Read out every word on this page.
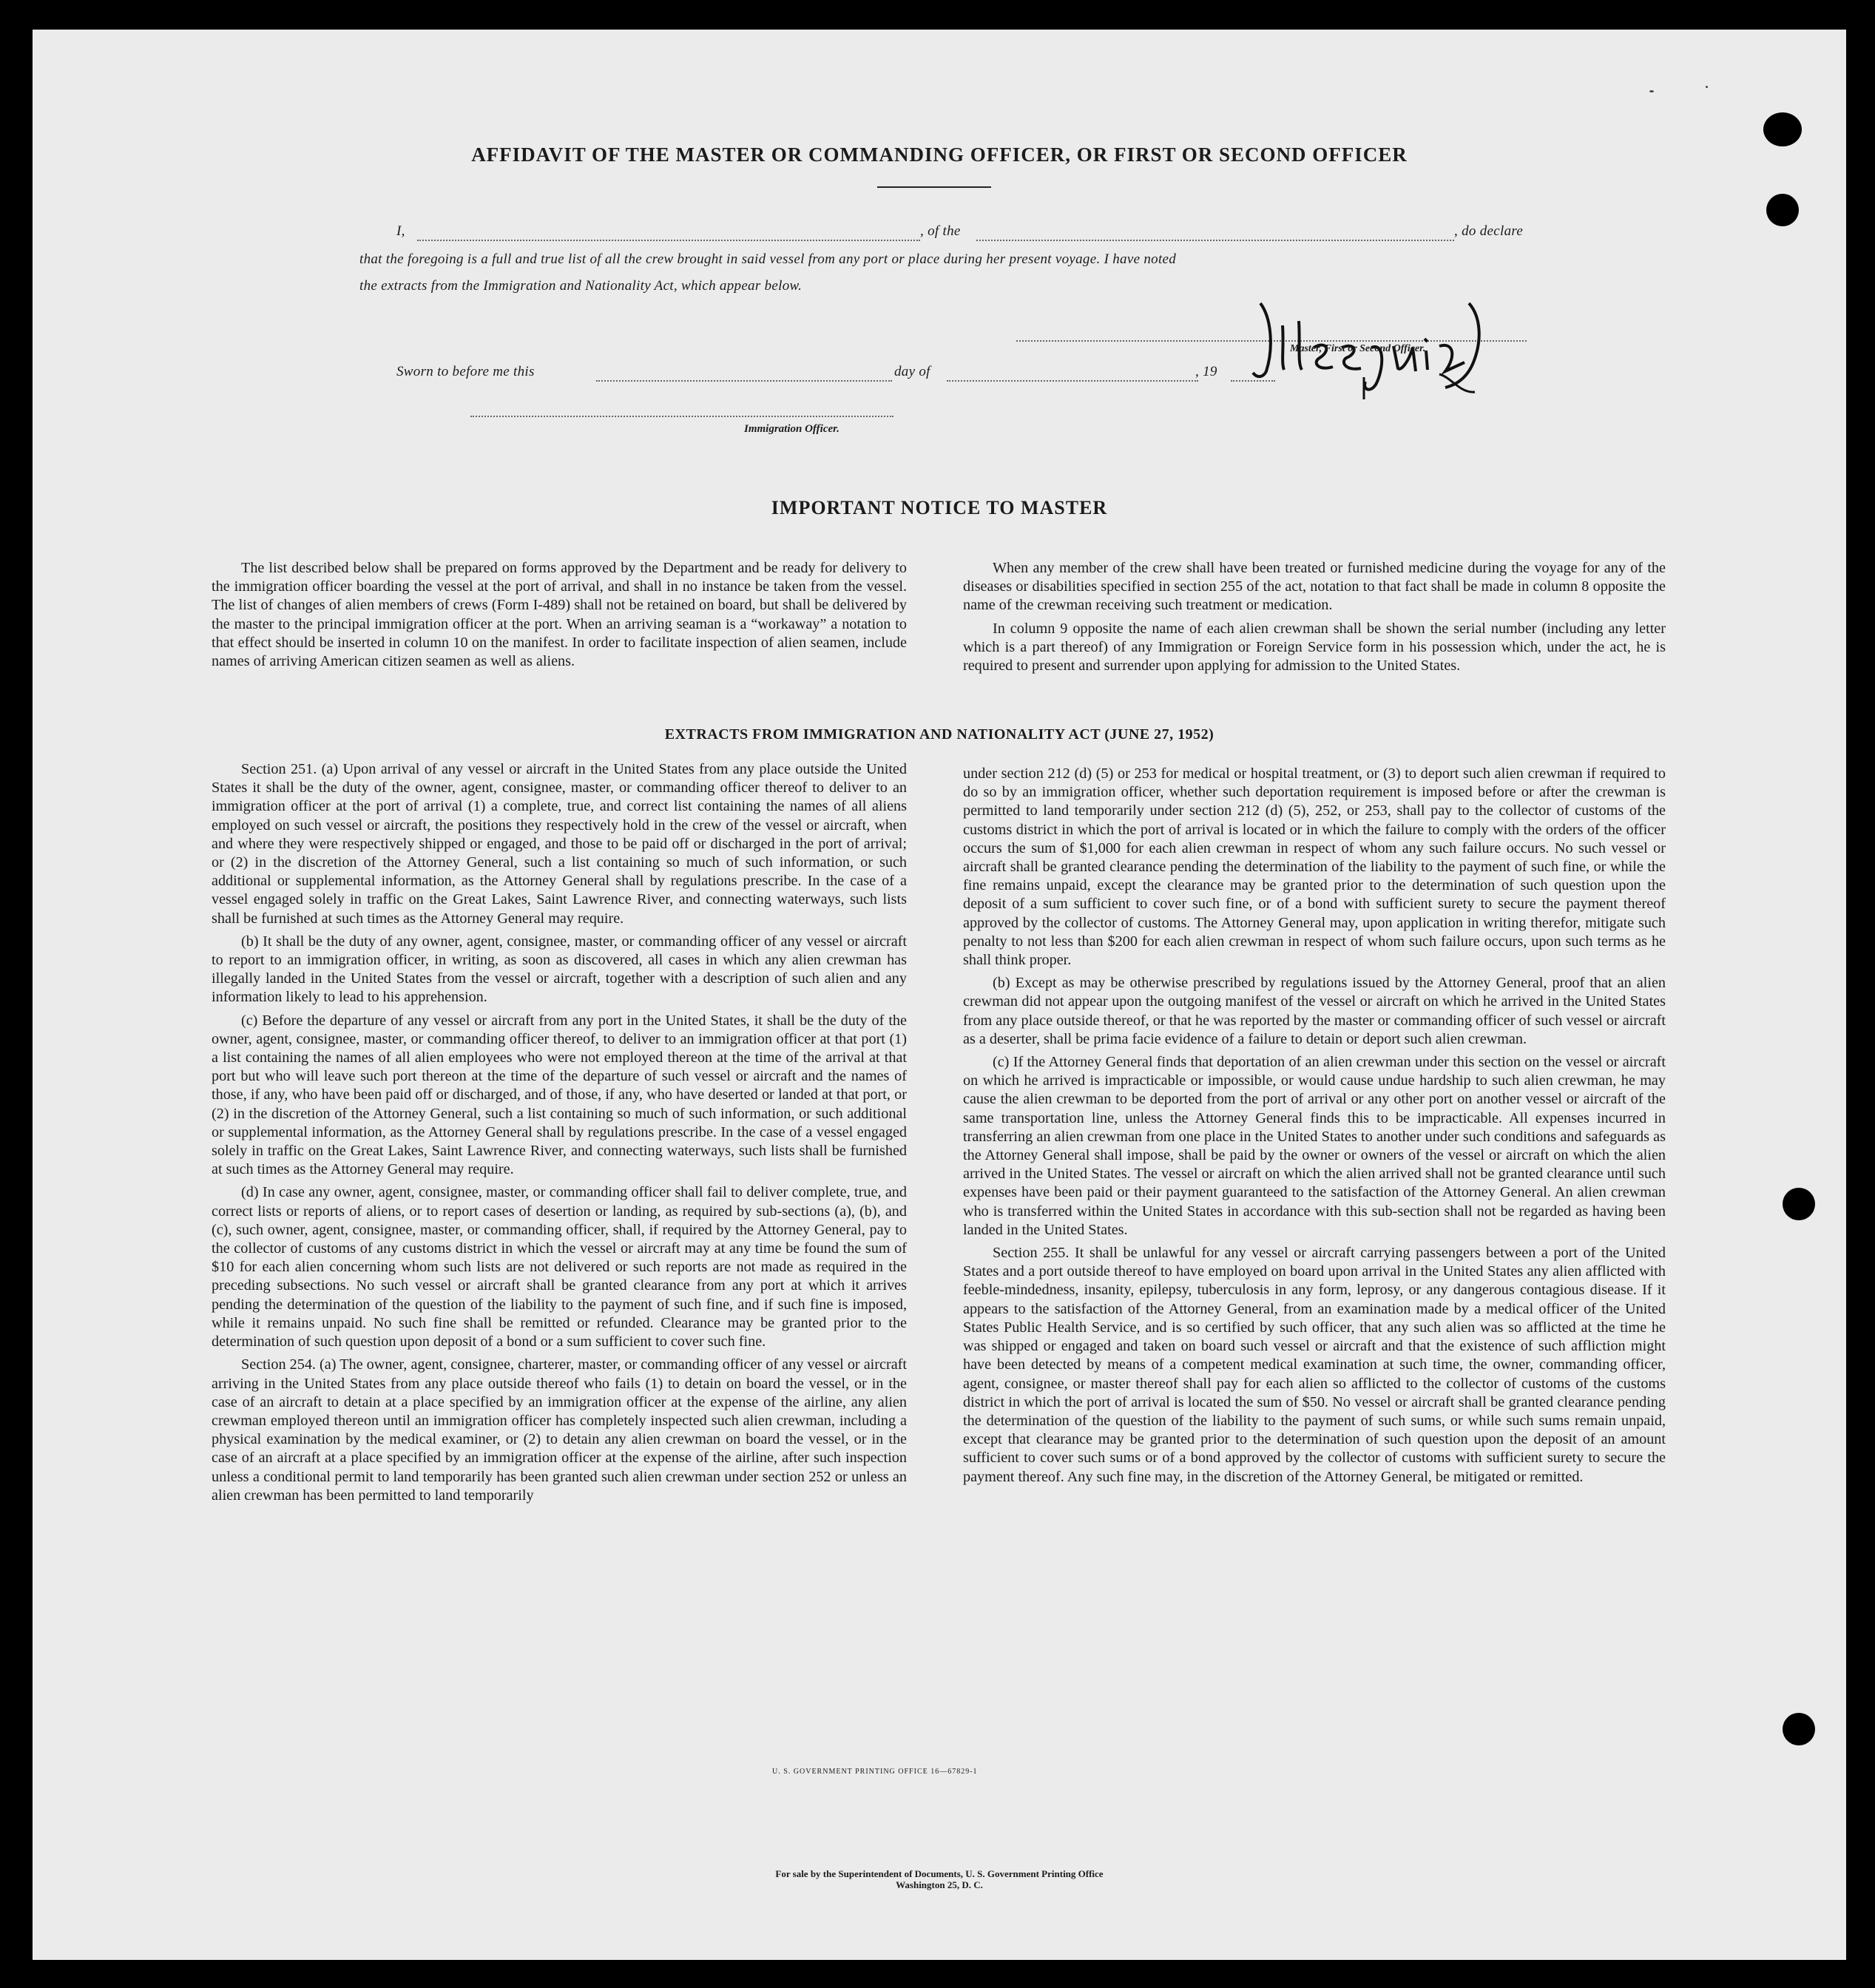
AFFIDAVIT OF THE MASTER OR COMMANDING OFFICER, OR FIRST OR SECOND OFFICER
I,	, of the	, do declare
that the foregoing is a full and true list of all the crew brought in said vessel from any port or place during her present voyage. I have noted
the extracts from the Immigration and Nationality Act, which appear below.
Master, First or Second Officer.
Sworn to before me this	day of	, 19
Immigration Officer.
IMPORTANT NOTICE TO MASTER

The list described below shall be prepared on forms approved by the Department and be ready for delivery to the immigration officer boarding the vessel at the port of arrival, and shall in no instance be taken from the vessel. The list of changes of alien members of crews (Form I-489) shall not be retained on board, but shall be delivered by the master to the principal immigration officer at the port. When an arriving seaman is a “workaway” a notation to that effect should be inserted in column 10 on the manifest. In order to facilitate inspection of alien seamen, include names of arriving American citizen seamen as well as aliens.

When any member of the crew shall have been treated or furnished medicine during the voyage for any of the diseases or disabilities specified in section 255 of the act, notation to that fact shall be made in column 8 opposite the name of the crewman receiving such treatment or medication.

In column 9 opposite the name of each alien crewman shall be shown the serial number (including any letter which is a part thereof) of any Immigration or Foreign Service form in his possession which, under the act, he is required to present and surrender upon applying for admission to the United States.

EXTRACTS FROM IMMIGRATION AND NATIONALITY ACT (JUNE 27, 1952)

Section 251. (a) Upon arrival of any vessel or aircraft in the United States from any place outside the United States it shall be the duty of the owner, agent, consignee, master, or commanding officer thereof to deliver to an immigration officer at the port of arrival (1) a complete, true, and correct list containing the names of all aliens employed on such vessel or aircraft, the positions they respectively hold in the crew of the vessel or aircraft, when and where they were respectively shipped or engaged, and those to be paid off or discharged in the port of arrival; or (2) in the discretion of the Attorney General, such a list containing so much of such information, or such additional or supplemental information, as the Attorney General shall by regulations prescribe. In the case of a vessel engaged solely in traffic on the Great Lakes, Saint Lawrence River, and connecting waterways, such lists shall be furnished at such times as the Attorney General may require.

(b) It shall be the duty of any owner, agent, consignee, master, or commanding officer of any vessel or aircraft to report to an immigration officer, in writing, as soon as discovered, all cases in which any alien crewman has illegally landed in the United States from the vessel or aircraft, together with a description of such alien and any information likely to lead to his apprehension.

(c) Before the departure of any vessel or aircraft from any port in the United States, it shall be the duty of the owner, agent, consignee, master, or commanding officer thereof, to deliver to an immigration officer at that port (1) a list containing the names of all alien employees who were not employed thereon at the time of the arrival at that port but who will leave such port thereon at the time of the departure of such vessel or aircraft and the names of those, if any, who have been paid off or discharged, and of those, if any, who have deserted or landed at that port, or (2) in the discretion of the Attorney General, such a list containing so much of such information, or such additional or supplemental information, as the Attorney General shall by regulations prescribe. In the case of a vessel engaged solely in traffic on the Great Lakes, Saint Lawrence River, and connecting waterways, such lists shall be furnished at such times as the Attorney General may require.

(d) In case any owner, agent, consignee, master, or commanding officer shall fail to deliver complete, true, and correct lists or reports of aliens, or to report cases of desertion or landing, as required by sub-sections (a), (b), and (c), such owner, agent, consignee, master, or commanding officer, shall, if required by the Attorney General, pay to the collector of customs of any customs district in which the vessel or aircraft may at any time be found the sum of $10 for each alien concerning whom such lists are not delivered or such reports are not made as required in the preceding subsections. No such vessel or aircraft shall be granted clearance from any port at which it arrives pending the determination of the question of the liability to the payment of such fine, and if such fine is imposed, while it remains unpaid. No such fine shall be remitted or refunded. Clearance may be granted prior to the determination of such question upon deposit of a bond or a sum sufficient to cover such fine.

Section 254. (a) The owner, agent, consignee, charterer, master, or commanding officer of any vessel or aircraft arriving in the United States from any place outside thereof who fails (1) to detain on board the vessel, or in the case of an aircraft to detain at a place specified by an immigration officer at the expense of the airline, any alien crewman employed thereon until an immigration officer has completely inspected such alien crewman, including a physical examination by the medical examiner, or (2) to detain any alien crewman on board the vessel, or in the case of an aircraft at a place specified by an immigration officer at the expense of the airline, after such inspection unless a conditional permit to land temporarily has been granted such alien crewman under section 252 or unless an alien crewman has been permitted to land temporarily

under section 212 (d) (5) or 253 for medical or hospital treatment, or (3) to deport such alien crewman if required to do so by an immigration officer, whether such deportation requirement is imposed before or after the crewman is permitted to land temporarily under section 212 (d) (5), 252, or 253, shall pay to the collector of customs of the customs district in which the port of arrival is located or in which the failure to comply with the orders of the officer occurs the sum of $1,000 for each alien crewman in respect of whom any such failure occurs. No such vessel or aircraft shall be granted clearance pending the determination of the liability to the payment of such fine, or while the fine remains unpaid, except the clearance may be granted prior to the determination of such question upon the deposit of a sum sufficient to cover such fine, or of a bond with sufficient surety to secure the payment thereof approved by the collector of customs. The Attorney General may, upon application in writing therefor, mitigate such penalty to not less than $200 for each alien crewman in respect of whom such failure occurs, upon such terms as he shall think proper.

(b) Except as may be otherwise prescribed by regulations issued by the Attorney General, proof that an alien crewman did not appear upon the outgoing manifest of the vessel or aircraft on which he arrived in the United States from any place outside thereof, or that he was reported by the master or commanding officer of such vessel or aircraft as a deserter, shall be prima facie evidence of a failure to detain or deport such alien crewman.

(c) If the Attorney General finds that deportation of an alien crewman under this section on the vessel or aircraft on which he arrived is impracticable or impossible, or would cause undue hardship to such alien crewman, he may cause the alien crewman to be deported from the port of arrival or any other port on another vessel or aircraft of the same transportation line, unless the Attorney General finds this to be impracticable. All expenses incurred in transferring an alien crewman from one place in the United States to another under such conditions and safeguards as the Attorney General shall impose, shall be paid by the owner or owners of the vessel or aircraft on which the alien arrived in the United States. The vessel or aircraft on which the alien arrived shall not be granted clearance until such expenses have been paid or their payment guaranteed to the satisfaction of the Attorney General. An alien crewman who is transferred within the United States in accordance with this sub-section shall not be regarded as having been landed in the United States.

Section 255. It shall be unlawful for any vessel or aircraft carrying passengers between a port of the United States and a port outside thereof to have employed on board upon arrival in the United States any alien afflicted with feeble-mindedness, insanity, epilepsy, tuberculosis in any form, leprosy, or any dangerous contagious disease. If it appears to the satisfaction of the Attorney General, from an examination made by a medical officer of the United States Public Health Service, and is so certified by such officer, that any such alien was so afflicted at the time he was shipped or engaged and taken on board such vessel or aircraft and that the existence of such affliction might have been detected by means of a competent medical examination at such time, the owner, commanding officer, agent, consignee, or master thereof shall pay for each alien so afflicted to the collector of customs of the customs district in which the port of arrival is located the sum of $50. No vessel or aircraft shall be granted clearance pending the determination of the question of the liability to the payment of such sums, or while such sums remain unpaid, except that clearance may be granted prior to the determination of such question upon the deposit of an amount sufficient to cover such sums or of a bond approved by the collector of customs with sufficient surety to secure the payment thereof. Any such fine may, in the discretion of the Attorney General, be mitigated or remitted.

U. S. GOVERNMENT PRINTING OFFICE 16—67829-1
For sale by the Superintendent of Documents, U. S. Government Printing Office
Washington 25, D. C.
